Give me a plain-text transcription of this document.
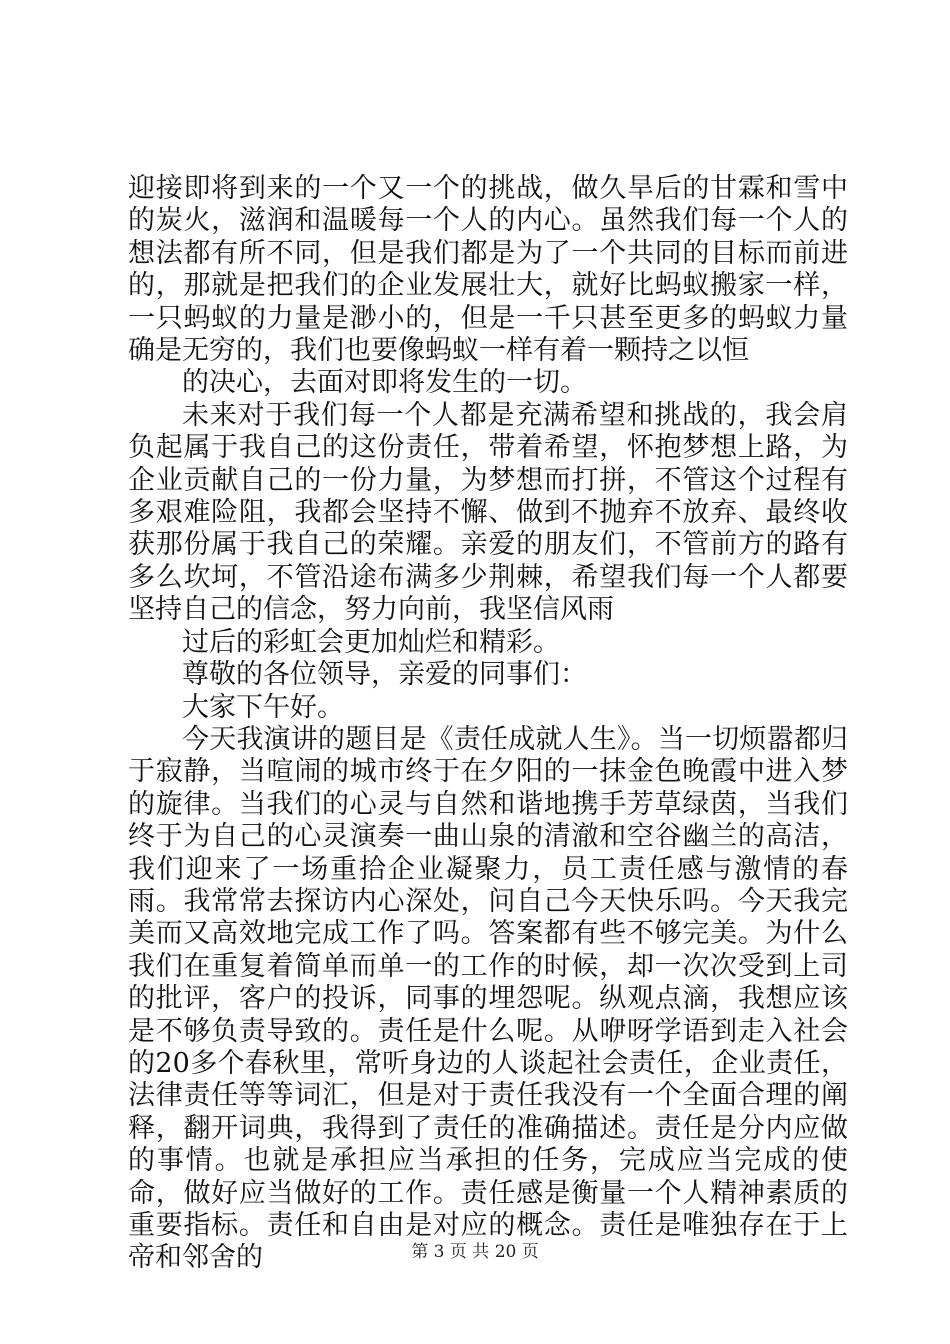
迎接即将到来的一个又一个的挑战，做久旱后的甘霖和雪中的炭火，滋润和温暖每一个人的内心。虽然我们每一个人的想法都有所不同，但是我们都是为了一个共同的目标而前进的，那就是把我们的企业发展壮大，就好比蚂蚁搬家一样，一只蚂蚁的力量是渺小的，但是一千只甚至更多的蚂蚁力量确是无穷的，我们也要像蚂蚁一样有着一颗持之以恒

的决心，去面对即将发生的一切。

未来对于我们每一个人都是充满希望和挑战的，我会肩负起属于我自己的这份责任，带着希望，怀抱梦想上路，为企业贡献自己的一份力量，为梦想而打拼，不管这个过程有多艰难险阻，我都会坚持不懈、做到不抛弃不放弃、最终收获那份属于我自己的荣耀。亲爱的朋友们，不管前方的路有多么坎坷，不管沿途布满多少荆棘，希望我们每一个人都要坚持自己的信念，努力向前，我坚信风雨

过后的彩虹会更加灿烂和精彩。

尊敬的各位领导，亲爱的同事们：

大家下午好。

今天我演讲的题目是《责任成就人生》。当一切烦嚣都归于寂静，当喧闹的城市终于在夕阳的一抹金色晚霞中进入梦的旋律。当我们的心灵与自然和谐地携手芳草绿茵，当我们终于为自己的心灵演奏一曲山泉的清澈和空谷幽兰的高洁，我们迎来了一场重拾企业凝聚力，员工责任感与激情的春雨。我常常去探访内心深处，问自己今天快乐吗。今天我完美而又高效地完成工作了吗。答案都有些不够完美。为什么我们在重复着简单而单一的工作的时候，却一次次受到上司的批评，客户的投诉，同事的埋怨呢。纵观点滴，我想应该是不够负责导致的。责任是什么呢。从咿呀学语到走入社会的20多个春秋里，常听身边的人谈起社会责任，企业责任，法律责任等等词汇，但是对于责任我没有一个全面合理的阐释，翻开词典，我得到了责任的准确描述。责任是分内应做的事情。也就是承担应当承担的任务，完成应当完成的使命，做好应当做好的工作。责任感是衡量一个人精神素质的重要指标。责任和自由是对应的概念。责任是唯独存在于上帝和邻舍的	第 3 页 共 20 页
